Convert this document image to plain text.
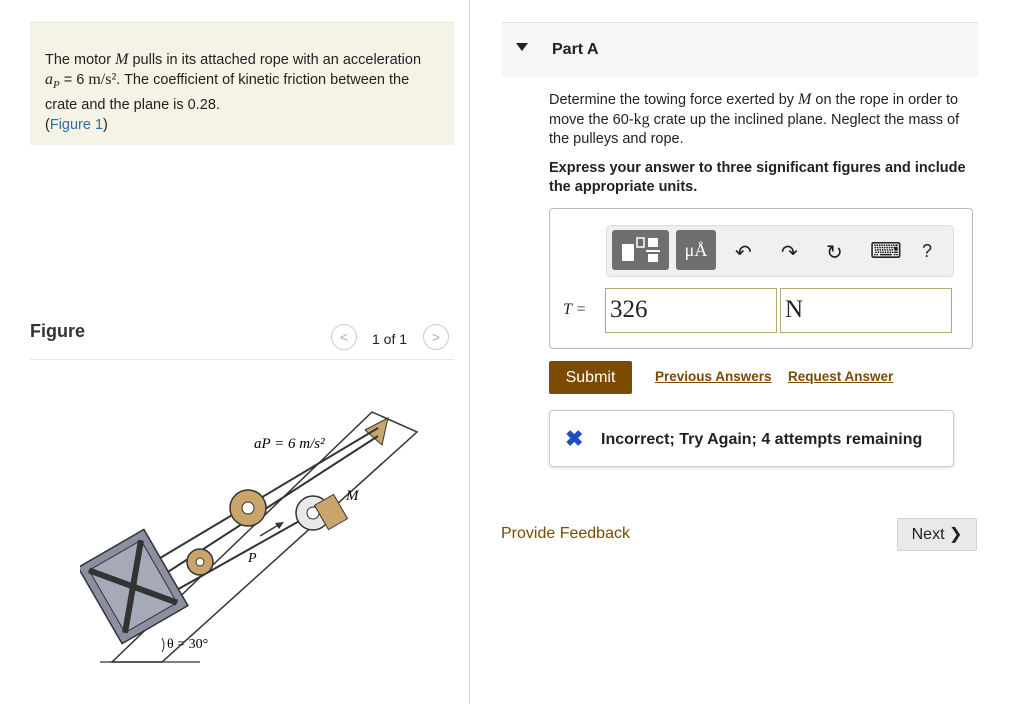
The motor M pulls in its attached rope with an acceleration $a_P = 6$ m/s². The coefficient of kinetic friction between the crate and the plane is 0.28.
(Figure 1)
Figure	<	1 of 1	>
aP = 6 m/s²
M
P
θ = 30°
Part A
Determine the towing force exerted by M on the rope in order to move the 60-kg crate up the inclined plane. Neglect the mass of the pulleys and rope.
Express your answer to three significant figures and include the appropriate units.
μÅ	↶ ↷ ↻ ⌨ ?
T = 326	N
Submit	Previous Answers Request Answer
✖ Incorrect; Try Again; 4 attempts remaining
Provide Feedback	Next ❯
